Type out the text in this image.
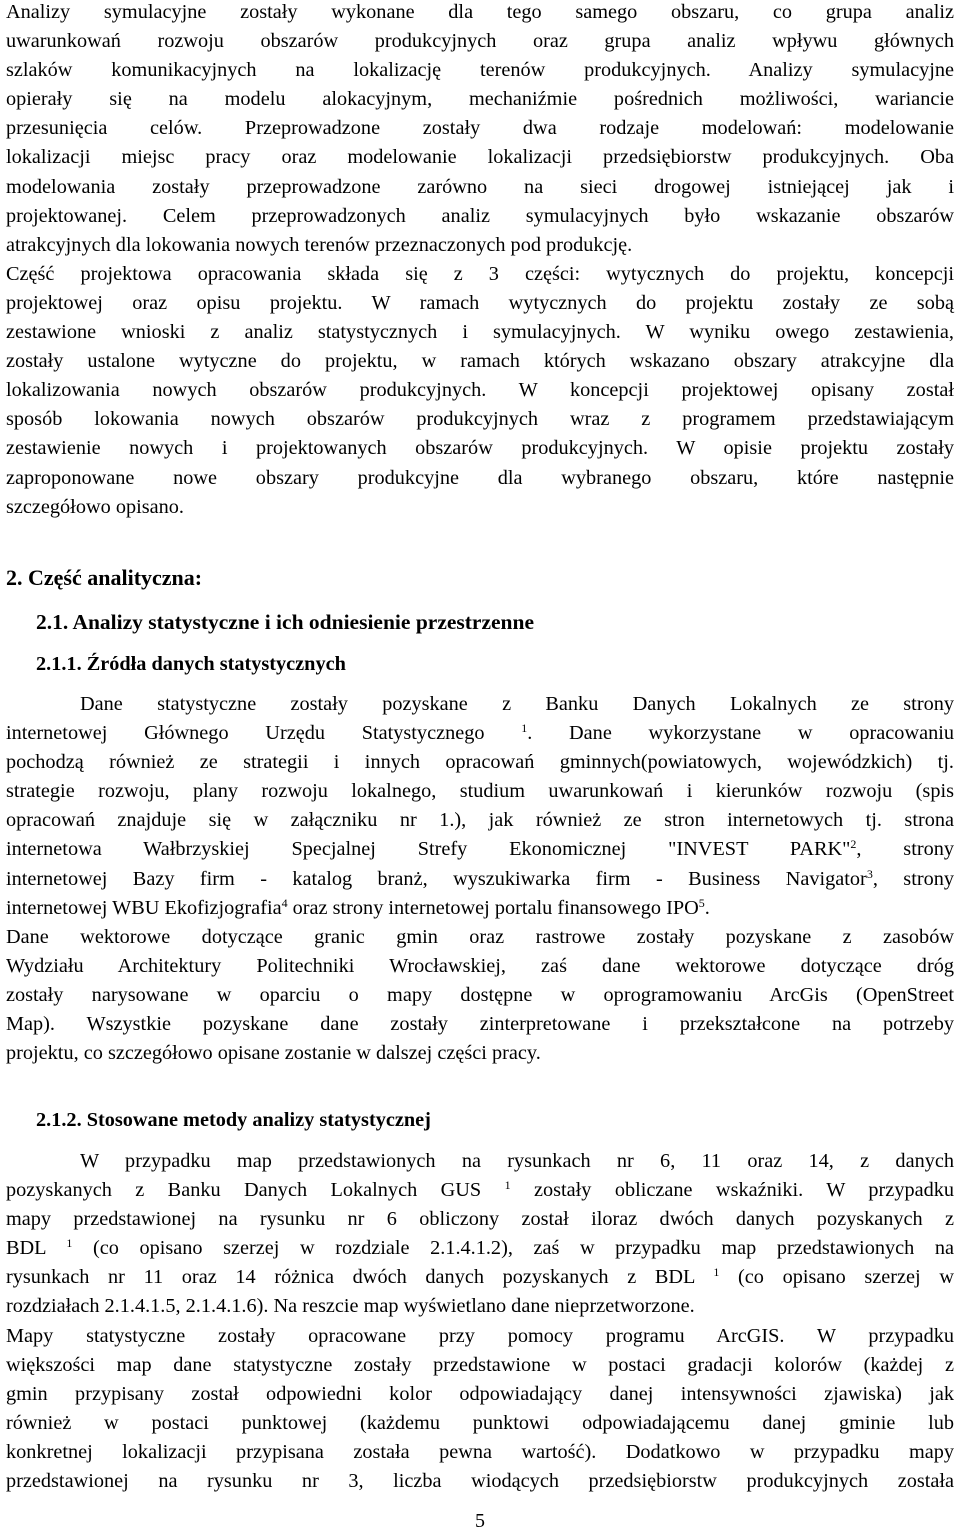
Analizy symulacyjne zostały wykonane dla tego samego obszaru, co grupa analiz
uwarunkowań rozwoju obszarów produkcyjnych oraz grupa analiz wpływu głównych
szlaków komunikacyjnych na lokalizację terenów produkcyjnych. Analizy symulacyjne
opierały się na modelu alokacyjnym, mechaniźmie pośrednich możliwości, wariancie
przesunięcia celów. Przeprowadzone zostały dwa rodzaje modelowań: modelowanie
lokalizacji miejsc pracy oraz modelowanie lokalizacji przedsiębiorstw produkcyjnych. Oba
modelowania zostały przeprowadzone zarówno na sieci drogowej istniejącej jak i
projektowanej. Celem przeprowadzonych analiz symulacyjnych było wskazanie obszarów
atrakcyjnych dla lokowania nowych terenów przeznaczonych pod produkcję.
Część projektowa opracowania składa się z 3 części: wytycznych do projektu, koncepcji
projektowej oraz opisu projektu. W ramach wytycznych do projektu zostały ze sobą
zestawione wnioski z analiz statystycznych i symulacyjnych. W wyniku owego zestawienia,
zostały ustalone wytyczne do projektu, w ramach których wskazano obszary atrakcyjne dla
lokalizowania nowych obszarów produkcyjnych. W koncepcji projektowej opisany został
sposób lokowania nowych obszarów produkcyjnych wraz z programem przedstawiającym
zestawienie nowych i projektowanych obszarów produkcyjnych. W opisie projektu zostały
zaproponowane nowe obszary produkcyjne dla wybranego obszaru, które następnie
szczegółowo opisano.
2. Część analityczna:
2.1. Analizy statystyczne i ich odniesienie przestrzenne
2.1.1. Źródła danych statystycznych
Dane statystyczne zostały pozyskane z Banku Danych Lokalnych ze strony
internetowej Głównego Urzędu Statystycznego	$^1$. Dane wykorzystane w opracowaniu
pochodzą również ze strategii i innych opracowań gminnych(powiatowych, wojewódzkich) tj.
strategie rozwoju, plany rozwoju lokalnego, studium uwarunkowań i kierunków rozwoju (spis
opracowań znajduje się w załączniku nr 1.), jak również ze stron internetowych tj. strona
internetowa Wałbrzyskiej Specjalnej Strefy Ekonomicznej "INVEST PARK"$^2$, strony
internetowej Bazy firm - katalog branż, wyszukiwarka firm - Business Navigator$^3$, strony
internetowej WBU Ekofizjografia$^4$ oraz strony internetowej portalu finansowego IPO$^5$.
Dane wektorowe dotyczące granic gmin oraz rastrowe zostały pozyskane z zasobów
Wydziału Architektury Politechniki Wrocławskiej, zaś dane wektorowe dotyczące dróg
zostały narysowane w oparciu o mapy dostępne w oprogramowaniu ArcGis (OpenStreet
Map). Wszystkie pozyskane dane zostały zinterpretowane i przekształcone na potrzeby
projektu, co szczegółowo opisane zostanie w dalszej części pracy.
2.1.2. Stosowane metody analizy statystycznej
W przypadku map przedstawionych na rysunkach nr 6, 11 oraz 14, z danych
pozyskanych z Banku Danych Lokalnych GUS $^1$ zostały obliczane wskaźniki. W przypadku
mapy przedstawionej na rysunku nr 6 obliczony został iloraz dwóch danych pozyskanych z
BDL $^1$ (co opisano szerzej w rozdziale 2.1.4.1.2), zaś w przypadku map przedstawionych na
rysunkach nr 11 oraz 14 różnica dwóch danych pozyskanych z BDL $^1$ (co opisano szerzej w
rozdziałach 2.1.4.1.5, 2.1.4.1.6). Na reszcie map wyświetlano dane nieprzetworzone.
Mapy statystyczne zostały opracowane przy pomocy programu ArcGIS. W przypadku
większości map dane statystyczne zostały przedstawione w postaci gradacji kolorów (każdej z
gmin przypisany został odpowiedni kolor odpowiadający danej intensywności zjawiska) jak
również w postaci punktowej (każdemu punktowi odpowiadającemu danej gminie lub
konkretnej lokalizacji przypisana została pewna wartość). Dodatkowo w przypadku mapy
przedstawionej na rysunku nr 3, liczba wiodących przedsiębiorstw produkcyjnych została
5
